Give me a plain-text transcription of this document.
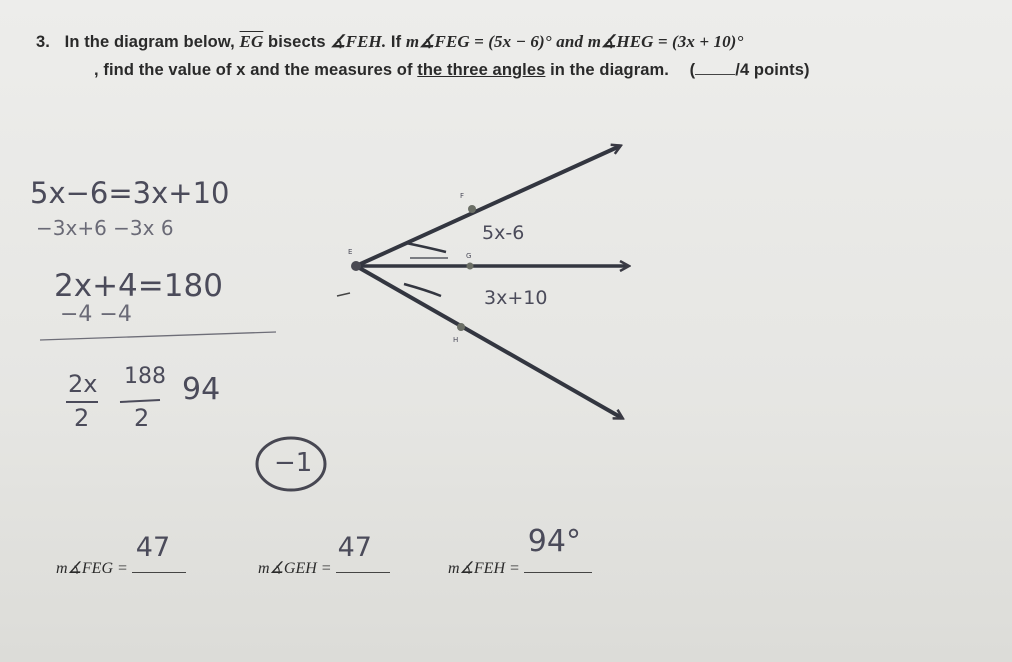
3. In the diagram below, $\overline{EG}$ bisects ∡FEH. If m∡FEG = (5x − 6)° and m∡HEG = (3x + 10)°
, find the value of x and the measures of the three angles in the diagram. ( /4 points)
E
F
H
G
5x-6
3x+10
5x−6=3x+10
−3x+6 −3x 6
2x+4=180
−4 −4
2x
2
188
2
94
−1
m∡FEG =
47
m∡GEH =
47
m∡FEH =
94°
